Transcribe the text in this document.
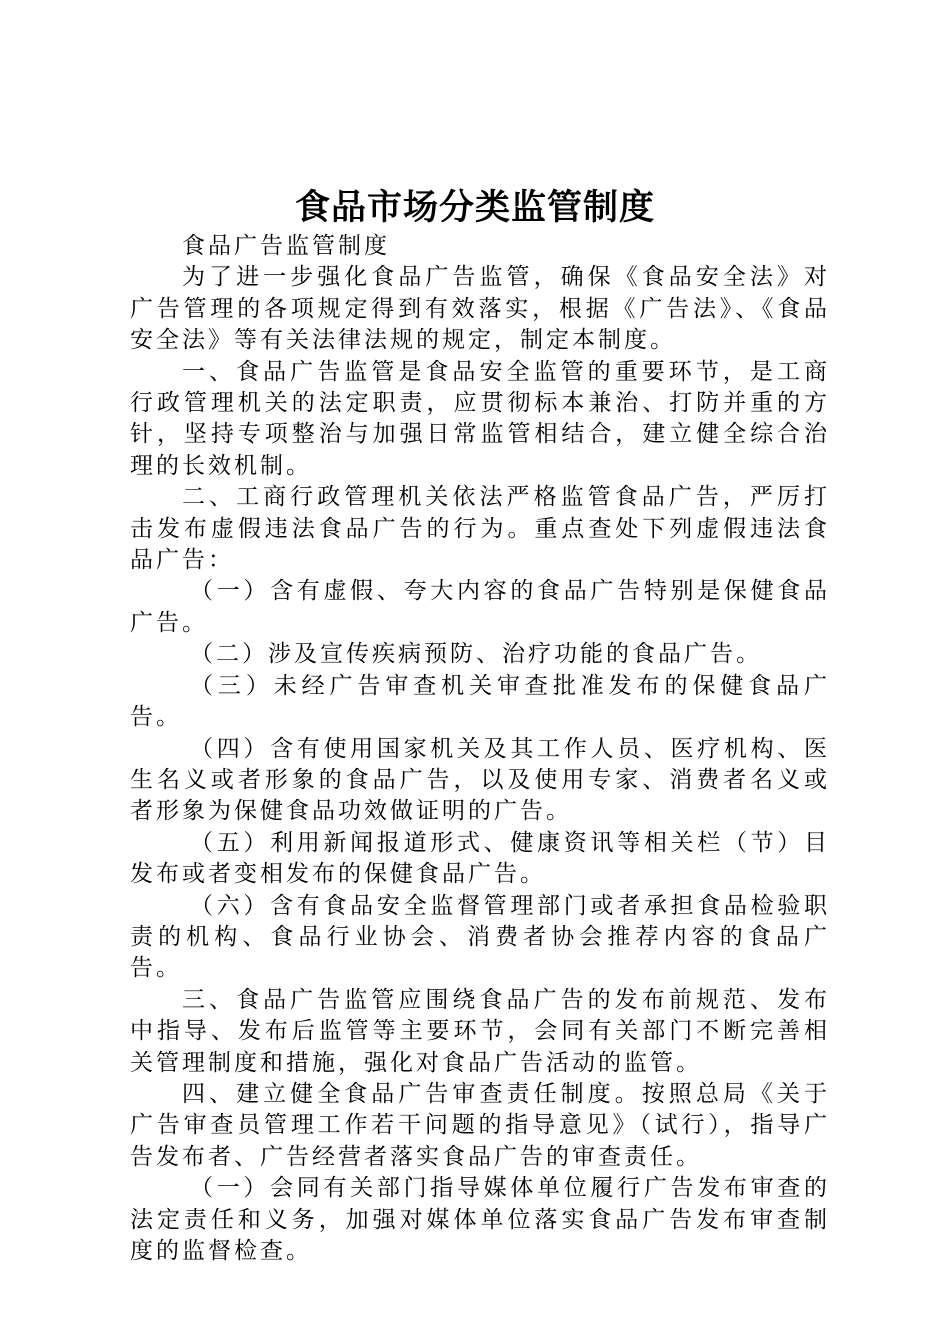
食品市场分类监管制度

食品广告监管制度

为了进一步强化食品广告监管，确保《食品安全法》对广告管理的各项规定得到有效落实，根据《广告法》、《食品安全法》等有关法律法规的规定，制定本制度。

一、食品广告监管是食品安全监管的重要环节，是工商行政管理机关的法定职责，应贯彻标本兼治、打防并重的方针，坚持专项整治与加强日常监管相结合，建立健全综合治理的长效机制。

二、工商行政管理机关依法严格监管食品广告，严厉打击发布虚假违法食品广告的行为。重点查处下列虚假违法食品广告：

（一）含有虚假、夸大内容的食品广告特别是保健食品广告。

（二）涉及宣传疾病预防、治疗功能的食品广告。

（三）未经广告审查机关审查批准发布的保健食品广告。

（四）含有使用国家机关及其工作人员、医疗机构、医生名义或者形象的食品广告，以及使用专家、消费者名义或者形象为保健食品功效做证明的广告。

（五）利用新闻报道形式、健康资讯等相关栏（节）目发布或者变相发布的保健食品广告。

（六）含有食品安全监督管理部门或者承担食品检验职责的机构、食品行业协会、消费者协会推荐内容的食品广告。

三、食品广告监管应围绕食品广告的发布前规范、发布中指导、发布后监管等主要环节，会同有关部门不断完善相关管理制度和措施，强化对食品广告活动的监管。

四、建立健全食品广告审查责任制度。按照总局《关于广告审查员管理工作若干问题的指导意见》（试行），指导广告发布者、广告经营者落实食品广告的审查责任。

（一）会同有关部门指导媒体单位履行广告发布审查的法定责任和义务，加强对媒体单位落实食品广告发布审查制度的监督检查。
